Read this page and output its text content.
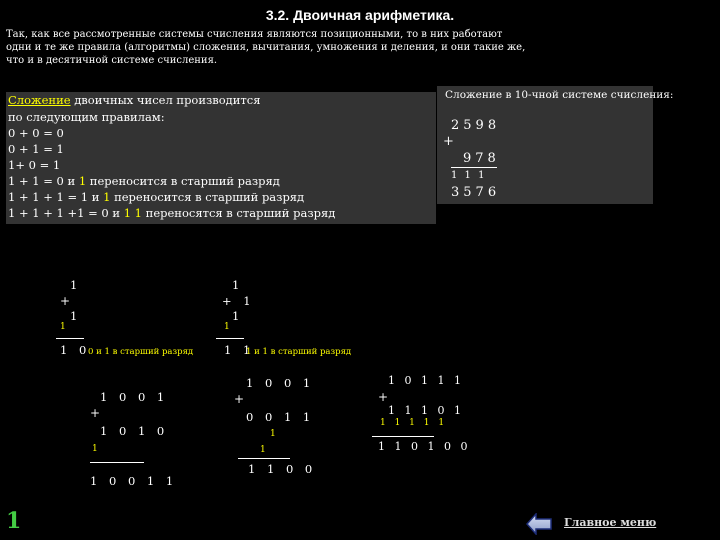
3.2. Двоичная арифметика.
Так, как все рассмотренные системы счисления являются позиционными, то в них работают одни и те же правила (алгоритмы) сложения, вычитания, умножения и деления, и они такие же, что и в десятичной системе счисления.
Сложение двоичных чисел производится
по следующим правилам:
0 + 0 = 0
0 + 1 = 1
1+ 0 = 1
1 + 1 = 0 и 1 переносится в старший разряд
1 + 1 + 1 = 1 и 1 переносится в старший разряд
1 + 1 + 1 +1 = 0 и 1 1 переносятся в старший разряд
Сложение в 10-чной системе счисления:
2598
+
978
1 1 1
3576
1
+
1
1
1 0
0 и 1 в старший разряд
1
+ 1
1
1
1 1
1 и 1 в старший разряд
1 0 0 1
+
1 0 1 0
1
1 0 0 1 1
1 0 0 1
+
0 0 1 1
1
1
1 1 0 0
1 0 1 1 1
+
1 1 1 0 1
1 1 1 1 1
1 1 0 1 0 0
1	Главное меню
